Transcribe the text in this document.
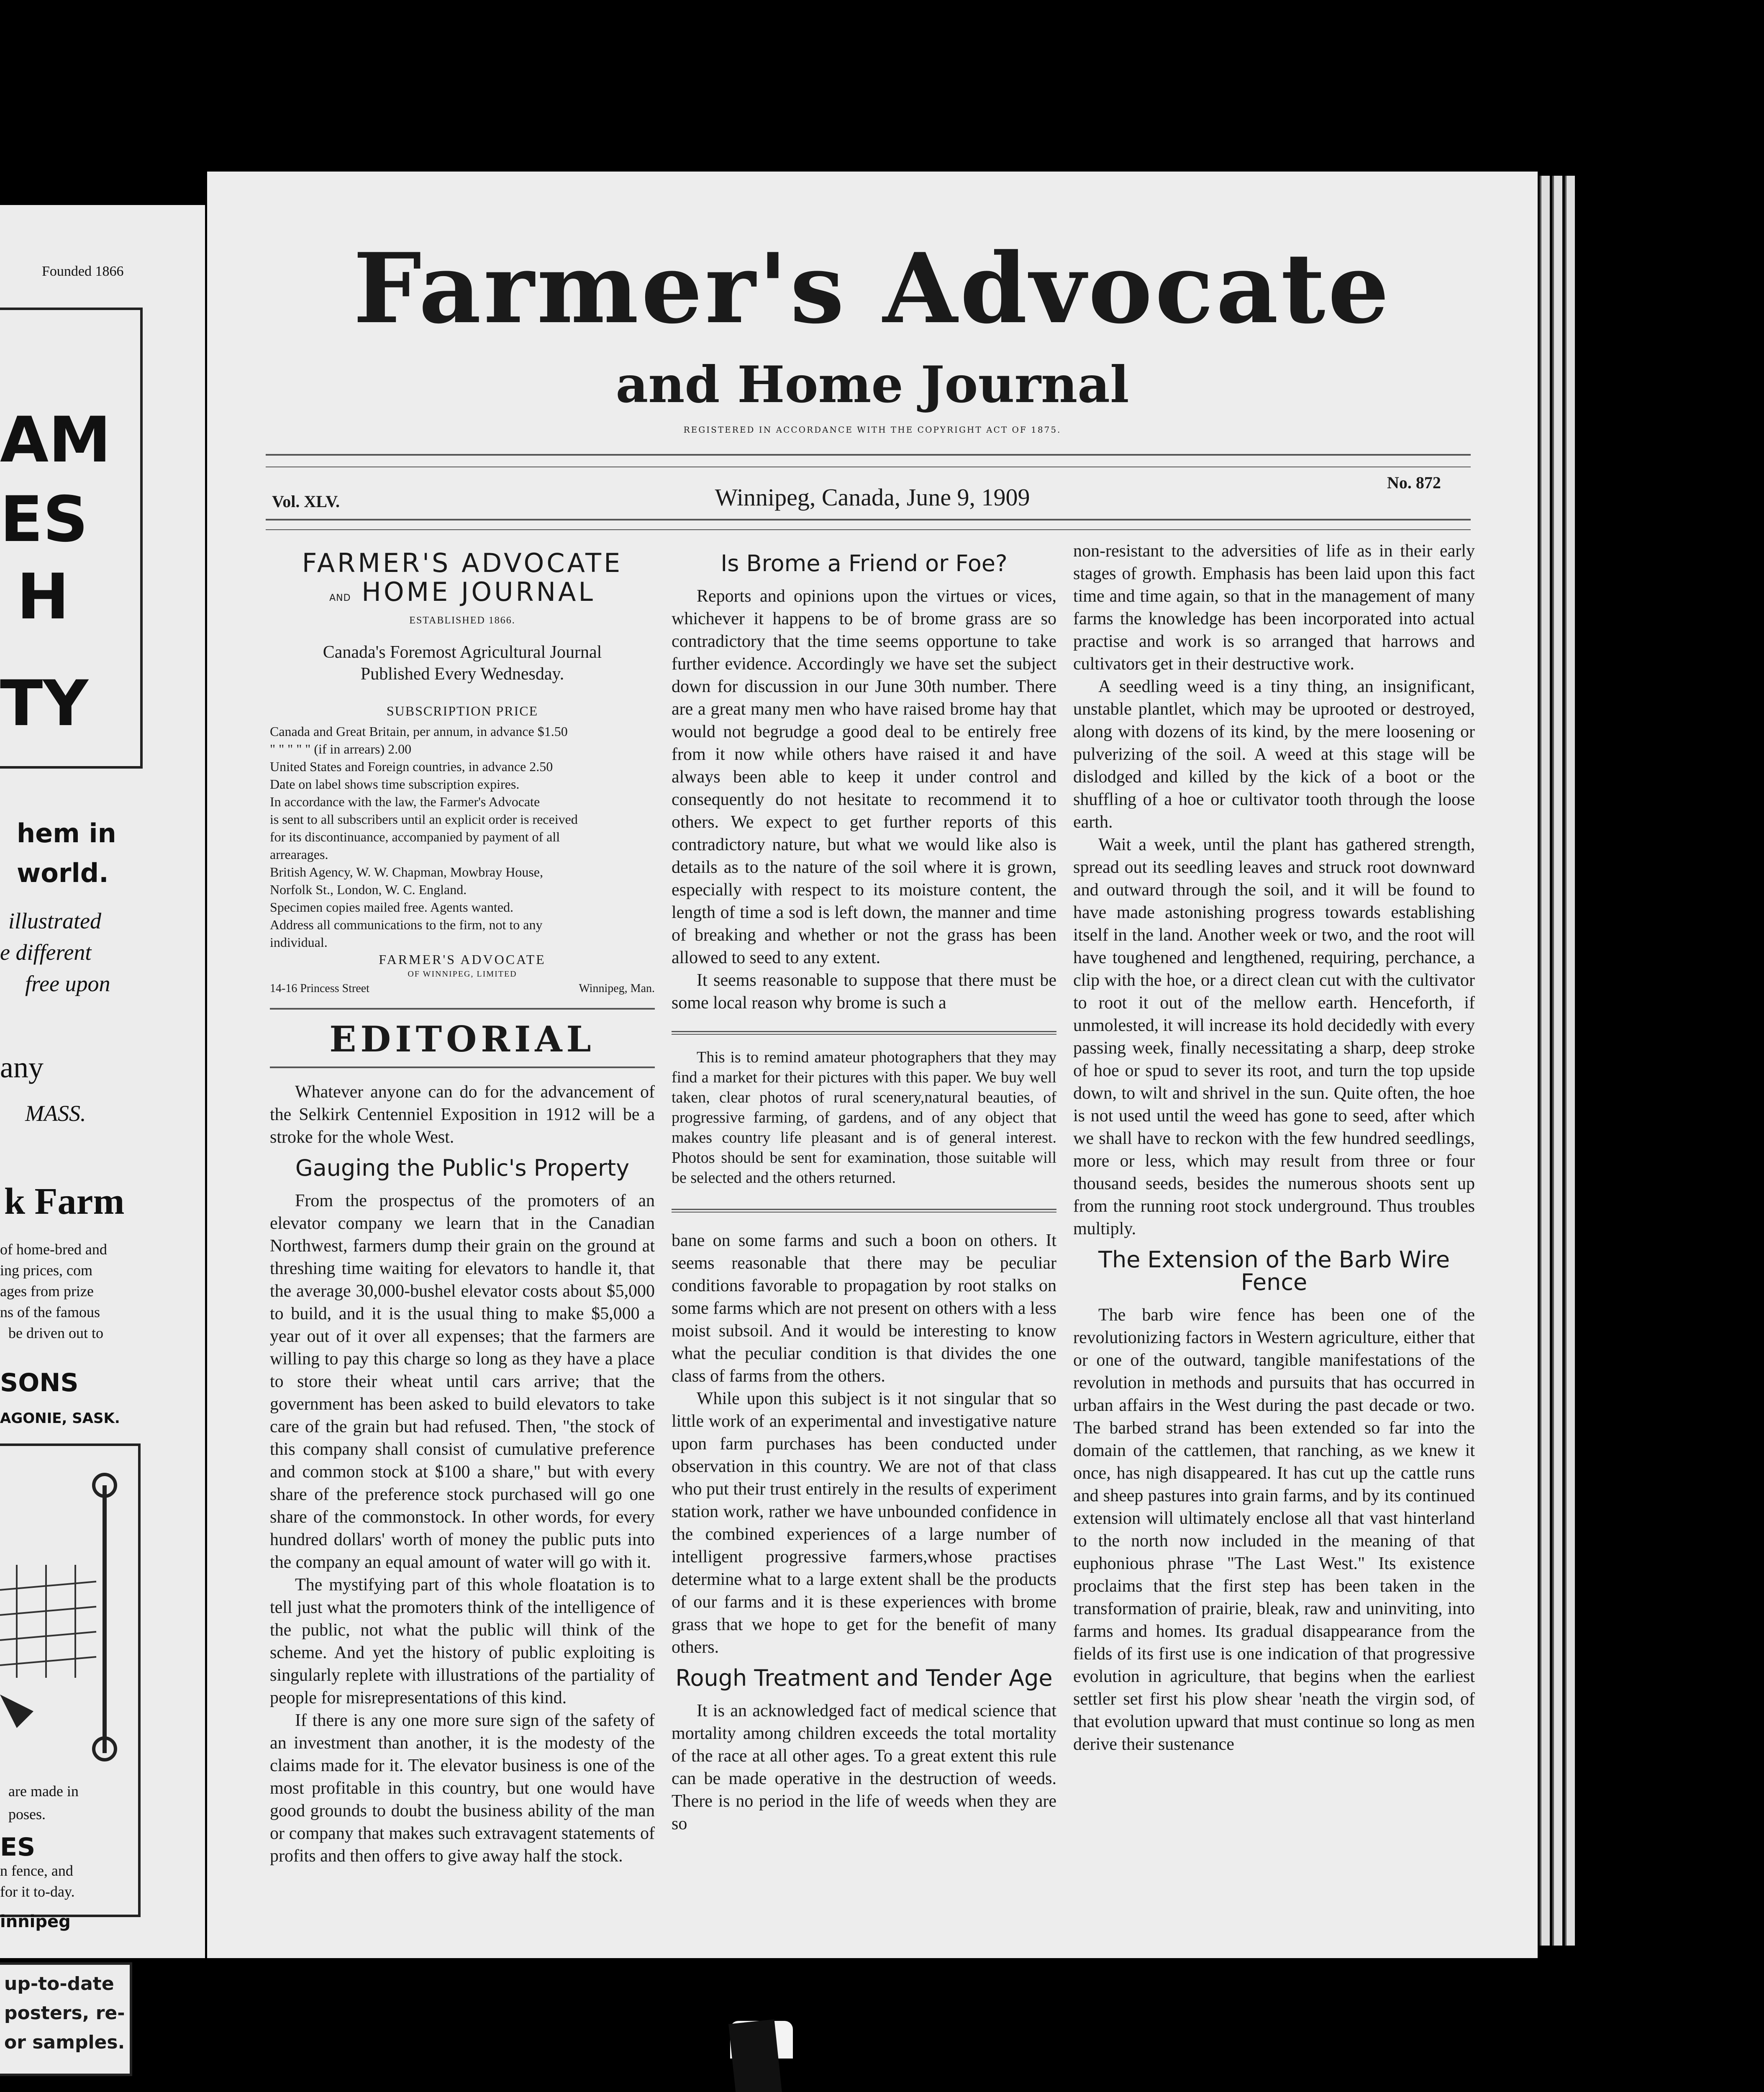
Founded 1866
AM
ES
H
TY
hem in
world.
illustrated
e different
free upon
any
MASS.
k Farm
of home-bred and
ing prices, com
ages from prize
ns of the famous
be driven out to
SONS
AGONIE, SASK.
are made in
poses.
ES
n fence, and
for it to-day.
innipeg
up-to-date
posters, re-
or samples.
Farmer's Advocate
and Home Journal
REGISTERED IN ACCORDANCE WITH THE COPYRIGHT ACT OF 1875.
Vol. XLV.	Winnipeg, Canada, June 9, 1909
No. 872
FARMER'S ADVOCATE
AND HOME JOURNAL
ESTABLISHED 1866.
Canada's Foremost Agricultural Journal
Published Every Wednesday.
SUBSCRIPTION PRICE
Canada and Great Britain, per annum, in advance $1.50
" " " " " (if in arrears) 2.00
United States and Foreign countries, in advance 2.50
Date on label shows time subscription expires.
In accordance with the law, the Farmer's Advocate
is sent to all subscribers until an explicit order is received
for its discontinuance, accompanied by payment of all
arrearages.
British Agency, W. W. Chapman, Mowbray House,
Norfolk St., London, W. C. England.
Specimen copies mailed free. Agents wanted.
Address all communications to the firm, not to any
individual.
FARMER'S ADVOCATE
OF WINNIPEG, LIMITED
14-16 Princess Street	Winnipeg, Man.
EDITORIAL

Whatever anyone can do for the advancement of the Selkirk Centenniel Exposition in 1912 will be a stroke for the whole West.

Gauging the Public's Property

From the prospectus of the promoters of an elevator company we learn that in the Canadian Northwest, farmers dump their grain on the ground at threshing time waiting for elevators to handle it, that the average 30,000-bushel elevator costs about $5,000 to build, and it is the usual thing to make $5,000 a year out of it over all expenses; that the farmers are willing to pay this charge so long as they have a place to store their wheat until cars arrive; that the government has been asked to build elevators to take care of the grain but had refused. Then, "the stock of this company shall consist of cumulative preference and common stock at $100 a share," but with every share of the preference stock purchased will go one share of the commonstock. In other words, for every hundred dollars' worth of money the public puts into the company an equal amount of water will go with it.

The mystifying part of this whole floatation is to tell just what the promoters think of the intelligence of the public, not what the public will think of the scheme. And yet the history of public exploiting is singularly replete with illustrations of the partiality of people for misrepresentations of this kind.

If there is any one more sure sign of the safety of an investment than another, it is the modesty of the claims made for it. The elevator business is one of the most profitable in this country, but one would have good grounds to doubt the business ability of the man or company that makes such extravagent statements of profits and then offers to give away half the stock.

Is Brome a Friend or Foe?

Reports and opinions upon the virtues or vices, whichever it happens to be of brome grass are so contradictory that the time seems opportune to take further evidence. Accordingly we have set the subject down for discussion in our June 30th number. There are a great many men who have raised brome hay that would not begrudge a good deal to be entirely free from it now while others have raised it and have always been able to keep it under control and consequently do not hesitate to recommend it to others. We expect to get further reports of this contradictory nature, but what we would like also is details as to the nature of the soil where it is grown, especially with respect to its moisture content, the length of time a sod is left down, the manner and time of breaking and whether or not the grass has been allowed to seed to any extent.

It seems reasonable to suppose that there must be some local reason why brome is such a

This is to remind amateur photographers that they may find a market for their pictures with this paper. We buy well taken, clear photos of rural scenery,natural beauties, of progressive farming, of gardens, and of any object that makes country life pleasant and is of general interest. Photos should be sent for examination, those suitable will be selected and the others returned.

bane on some farms and such a boon on others. It seems reasonable that there may be peculiar conditions favorable to propagation by root stalks on some farms which are not present on others with a less moist subsoil. And it would be interesting to know what the peculiar condition is that divides the one class of farms from the others.

While upon this subject is it not singular that so little work of an experimental and investigative nature upon farm purchases has been conducted under observation in this country. We are not of that class who put their trust entirely in the results of experiment station work, rather we have unbounded confidence in the combined experiences of a large number of intelligent progressive farmers,whose practises determine what to a large extent shall be the products of our farms and it is these experiences with brome grass that we hope to get for the benefit of many others.

Rough Treatment and Tender Age

It is an acknowledged fact of medical science that mortality among children exceeds the total mortality of the race at all other ages. To a great extent this rule can be made operative in the destruction of weeds. There is no period in the life of weeds when they are so

non-resistant to the adversities of life as in their early stages of growth. Emphasis has been laid upon this fact time and time again, so that in the management of many farms the knowledge has been incorporated into actual practise and work is so arranged that harrows and cultivators get in their destructive work.

A seedling weed is a tiny thing, an insignificant, unstable plantlet, which may be uprooted or destroyed, along with dozens of its kind, by the mere loosening or pulverizing of the soil. A weed at this stage will be dislodged and killed by the kick of a boot or the shuffling of a hoe or cultivator tooth through the loose earth.

Wait a week, until the plant has gathered strength, spread out its seedling leaves and struck root downward and outward through the soil, and it will be found to have made astonishing progress towards establishing itself in the land. Another week or two, and the root will have toughened and lengthened, requiring, perchance, a clip with the hoe, or a direct clean cut with the cultivator to root it out of the mellow earth. Henceforth, if unmolested, it will increase its hold decidedly with every passing week, finally necessitating a sharp, deep stroke of hoe or spud to sever its root, and turn the top upside down, to wilt and shrivel in the sun. Quite often, the hoe is not used until the weed has gone to seed, after which we shall have to reckon with the few hundred seedlings, more or less, which may result from three or four thousand seeds, besides the numerous shoots sent up from the running root stock underground. Thus troubles multiply.

The Extension of the Barb Wire Fence

The barb wire fence has been one of the revolutionizing factors in Western agriculture, either that or one of the outward, tangible manifestations of the revolution in methods and pursuits that has occurred in urban affairs in the West during the past decade or two. The barbed strand has been extended so far into the domain of the cattlemen, that ranching, as we knew it once, has nigh disappeared. It has cut up the cattle runs and sheep pastures into grain farms, and by its continued extension will ultimately enclose all that vast hinterland to the north now included in the meaning of that euphonious phrase "The Last West." Its existence proclaims that the first step has been taken in the transformation of prairie, bleak, raw and uninviting, into farms and homes. Its gradual disappearance from the fields of its first use is one indication of that progressive evolution in agriculture, that begins when the earliest settler set first his plow shear 'neath the virgin sod, of that evolution upward that must continue so long as men derive their sustenance
